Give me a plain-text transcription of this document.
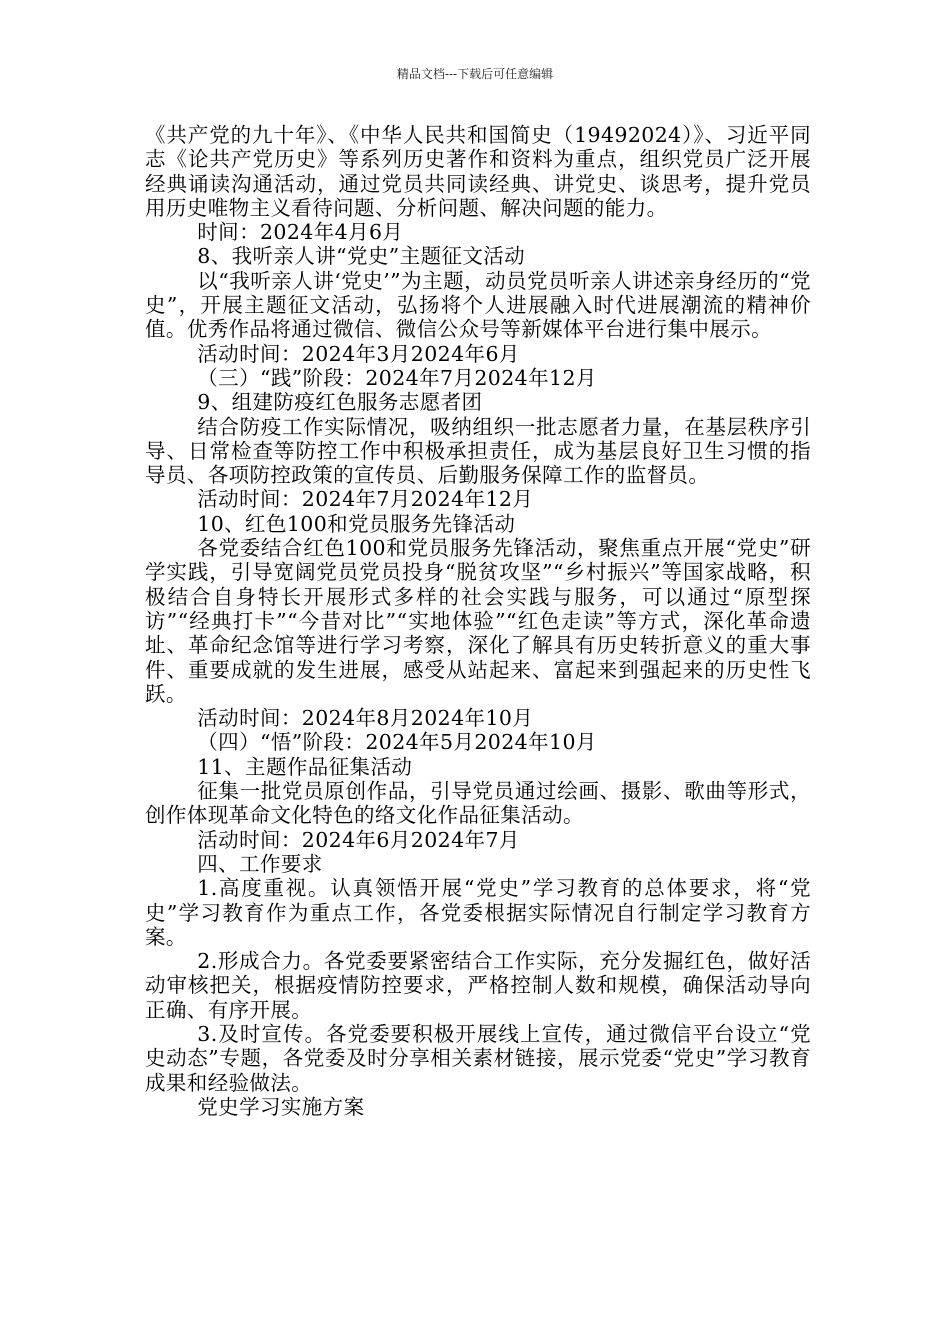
精品文档---下载后可任意编辑

《共产党的九十年》、《中华人民共和国简史（19492024）》、习近平同志《论共产党历史》等系列历史著作和资料为重点，组织党员广泛开展经典诵读沟通活动，通过党员共同读经典、讲党史、谈思考，提升党员用历史唯物主义看待问题、分析问题、解决问题的能力。

时间：2024年4月6月

8、我听亲人讲“党史”主题征文活动

以“我听亲人讲‘党史’”为主题，动员党员听亲人讲述亲身经历的“党史”，开展主题征文活动，弘扬将个人进展融入时代进展潮流的精神价值。优秀作品将通过微信、微信公众号等新媒体平台进行集中展示。

活动时间：2024年3月2024年6月

（三）“践”阶段：2024年7月2024年12月

9、组建防疫红色服务志愿者团

结合防疫工作实际情况，吸纳组织一批志愿者力量，在基层秩序引导、日常检查等防控工作中积极承担责任，成为基层良好卫生习惯的指导员、各项防控政策的宣传员、后勤服务保障工作的监督员。

活动时间：2024年7月2024年12月

10、红色100和党员服务先锋活动

各党委结合红色100和党员服务先锋活动，聚焦重点开展“党史”研学实践，引导宽阔党员党员投身“脱贫攻坚”“乡村振兴”等国家战略，积极结合自身特长开展形式多样的社会实践与服务，可以通过“原型探访”“经典打卡”“今昔对比”“实地体验”“红色走读”等方式，深化革命遗址、革命纪念馆等进行学习考察，深化了解具有历史转折意义的重大事件、重要成就的发生进展，感受从站起来、富起来到强起来的历史性飞跃。

活动时间：2024年8月2024年10月

（四）“悟”阶段：2024年5月2024年10月

11、主题作品征集活动

征集一批党员原创作品，引导党员通过绘画、摄影、歌曲等形式，创作体现革命文化特色的络文化作品征集活动。

活动时间：2024年6月2024年7月

四、工作要求

1.高度重视。认真领悟开展“党史”学习教育的总体要求，将“党史”学习教育作为重点工作，各党委根据实际情况自行制定学习教育方案。

2.形成合力。各党委要紧密结合工作实际，充分发掘红色，做好活动审核把关，根据疫情防控要求，严格控制人数和规模，确保活动导向正确、有序开展。

3.及时宣传。各党委要积极开展线上宣传，通过微信平台设立“党史动态”专题，各党委及时分享相关素材链接，展示党委“党史”学习教育成果和经验做法。

党史学习实施方案
